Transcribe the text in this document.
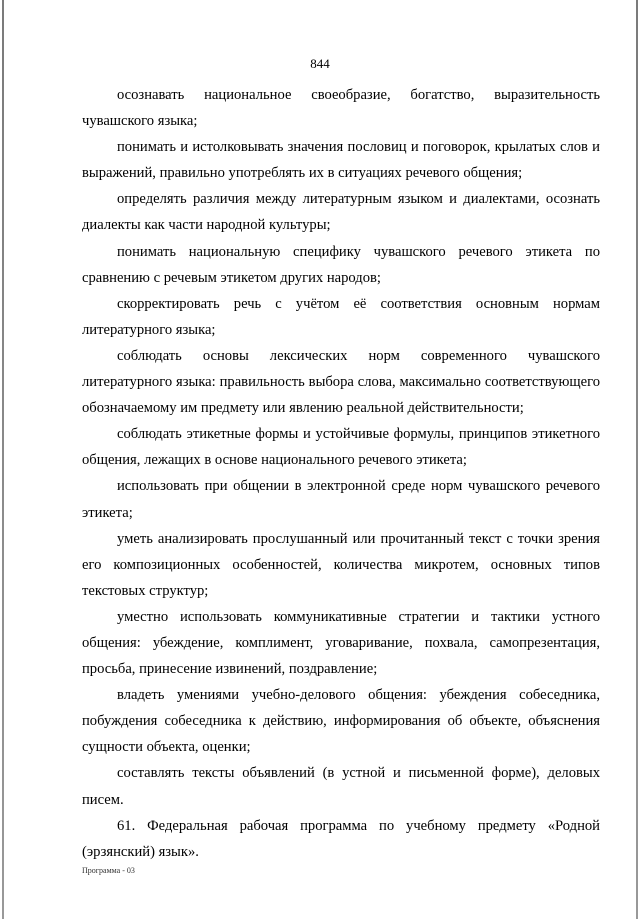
844

осознавать национальное своеобразие, богатство, выразительность чувашского языка;

понимать и истолковывать значения пословиц и поговорок, крылатых слов и выражений, правильно употреблять их в ситуациях речевого общения;

определять различия между литературным языком и диалектами, осознать диалекты как части народной культуры;

понимать национальную специфику чувашского речевого этикета по сравнению с речевым этикетом других народов;

скорректировать речь с учётом её соответствия основным нормам литературного языка;

соблюдать основы лексических норм современного чувашского литературного языка: правильность выбора слова, максимально соответствующего обозначаемому им предмету или явлению реальной действительности;

соблюдать этикетные формы и устойчивые формулы, принципов этикетного общения, лежащих в основе национального речевого этикета;

использовать при общении в электронной среде норм чувашского речевого этикета;

уметь анализировать прослушанный или прочитанный текст с точки зрения его композиционных особенностей, количества микротем, основных типов текстовых структур;

уместно использовать коммуникативные стратегии и тактики устного общения: убеждение, комплимент, уговаривание, похвала, самопрезентация, просьба, принесение извинений, поздравление;

владеть умениями учебно-делового общения: убеждения собеседника, побуждения собеседника к действию, информирования об объекте, объяснения сущности объекта, оценки;

составлять тексты объявлений (в устной и письменной форме), деловых писем.

61. Федеральная рабочая программа по учебному предмету «Родной (эрзянский) язык».

Программа - 03
